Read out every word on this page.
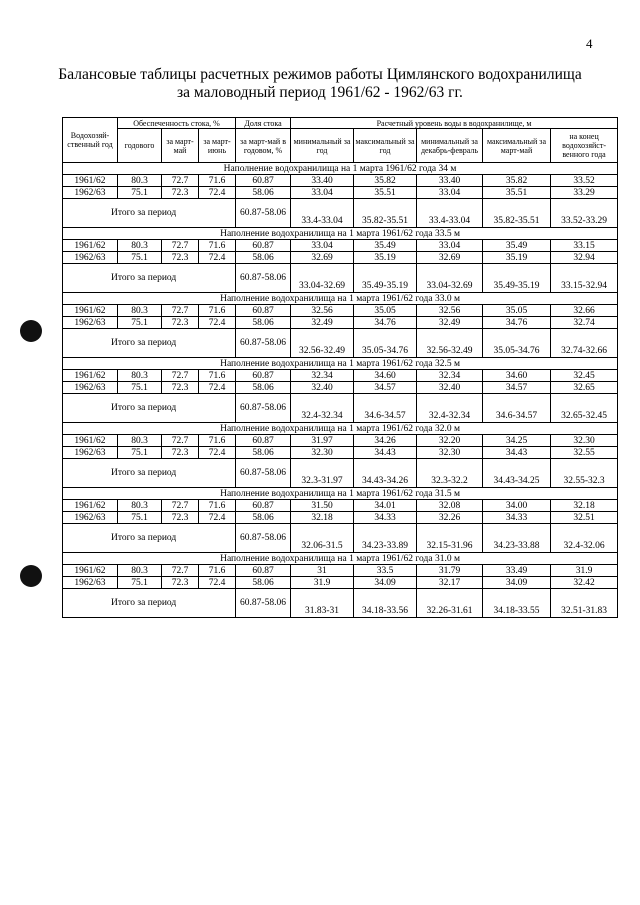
4
Балансовые таблицы расчетных режимов работы Цимлянского водохранилища
за маловодный период 1961/62 - 1962/63 гг.
Водохозяй-ственный год	Обеспеченность стока, %			Доля стока	Расчетный уровень воды в водохранилище, м				
	годового	за март-май	за март-июнь	за март-май в годовом, %	минимальный за год	максимальный за год	минимальный за декабрь-февраль	максимальный за март-май	на конец водохозяйст-венного года
Наполнение водохранилища на 1 марта 1961/62 года 34 м									
1961/62	80.3	72.7	71.6	60.87	33.40	35.82	33.40	35.82	33.52
1962/63	75.1	72.3	72.4	58.06	33.04	35.51	33.04	35.51	33.29
Итого за период				60.87-58.06	33.4-33.04	35.82-35.51	33.4-33.04	35.82-35.51	33.52-33.29
Наполнение водохранилища на 1 марта 1961/62 года 33.5 м									
1961/62	80.3	72.7	71.6	60.87	33.04	35.49	33.04	35.49	33.15
1962/63	75.1	72.3	72.4	58.06	32.69	35.19	32.69	35.19	32.94
Итого за период				60.87-58.06	33.04-32.69	35.49-35.19	33.04-32.69	35.49-35.19	33.15-32.94
Наполнение водохранилища на 1 марта 1961/62 года 33.0 м									
1961/62	80.3	72.7	71.6	60.87	32.56	35.05	32.56	35.05	32.66
1962/63	75.1	72.3	72.4	58.06	32.49	34.76	32.49	34.76	32.74
Итого за период				60.87-58.06	32.56-32.49	35.05-34.76	32.56-32.49	35.05-34.76	32.74-32.66
Наполнение водохранилища на 1 марта 1961/62 года 32.5 м									
1961/62	80.3	72.7	71.6	60.87	32.34	34.60	32.34	34.60	32.45
1962/63	75.1	72.3	72.4	58.06	32.40	34.57	32.40	34.57	32.65
Итого за период				60.87-58.06	32.4-32.34	34.6-34.57	32.4-32.34	34.6-34.57	32.65-32.45
Наполнение водохранилища на 1 марта 1961/62 года 32.0 м									
1961/62	80.3	72.7	71.6	60.87	31.97	34.26	32.20	34.25	32.30
1962/63	75.1	72.3	72.4	58.06	32.30	34.43	32.30	34.43	32.55
Итого за период				60.87-58.06	32.3-31.97	34.43-34.26	32.3-32.2	34.43-34.25	32.55-32.3
Наполнение водохранилища на 1 марта 1961/62 года 31.5 м									
1961/62	80.3	72.7	71.6	60.87	31.50	34.01	32.08	34.00	32.18
1962/63	75.1	72.3	72.4	58.06	32.18	34.33	32.26	34.33	32.51
Итого за период				60.87-58.06	32.06-31.5	34.23-33.89	32.15-31.96	34.23-33.88	32.4-32.06
Наполнение водохранилища на 1 марта 1961/62 года 31.0 м									
1961/62	80.3	72.7	71.6	60.87	31	33.5	31.79	33.49	31.9
1962/63	75.1	72.3	72.4	58.06	31.9	34.09	32.17	34.09	32.42
Итого за период				60.87-58.06	31.83-31	34.18-33.56	32.26-31.61	34.18-33.55	32.51-31.83
